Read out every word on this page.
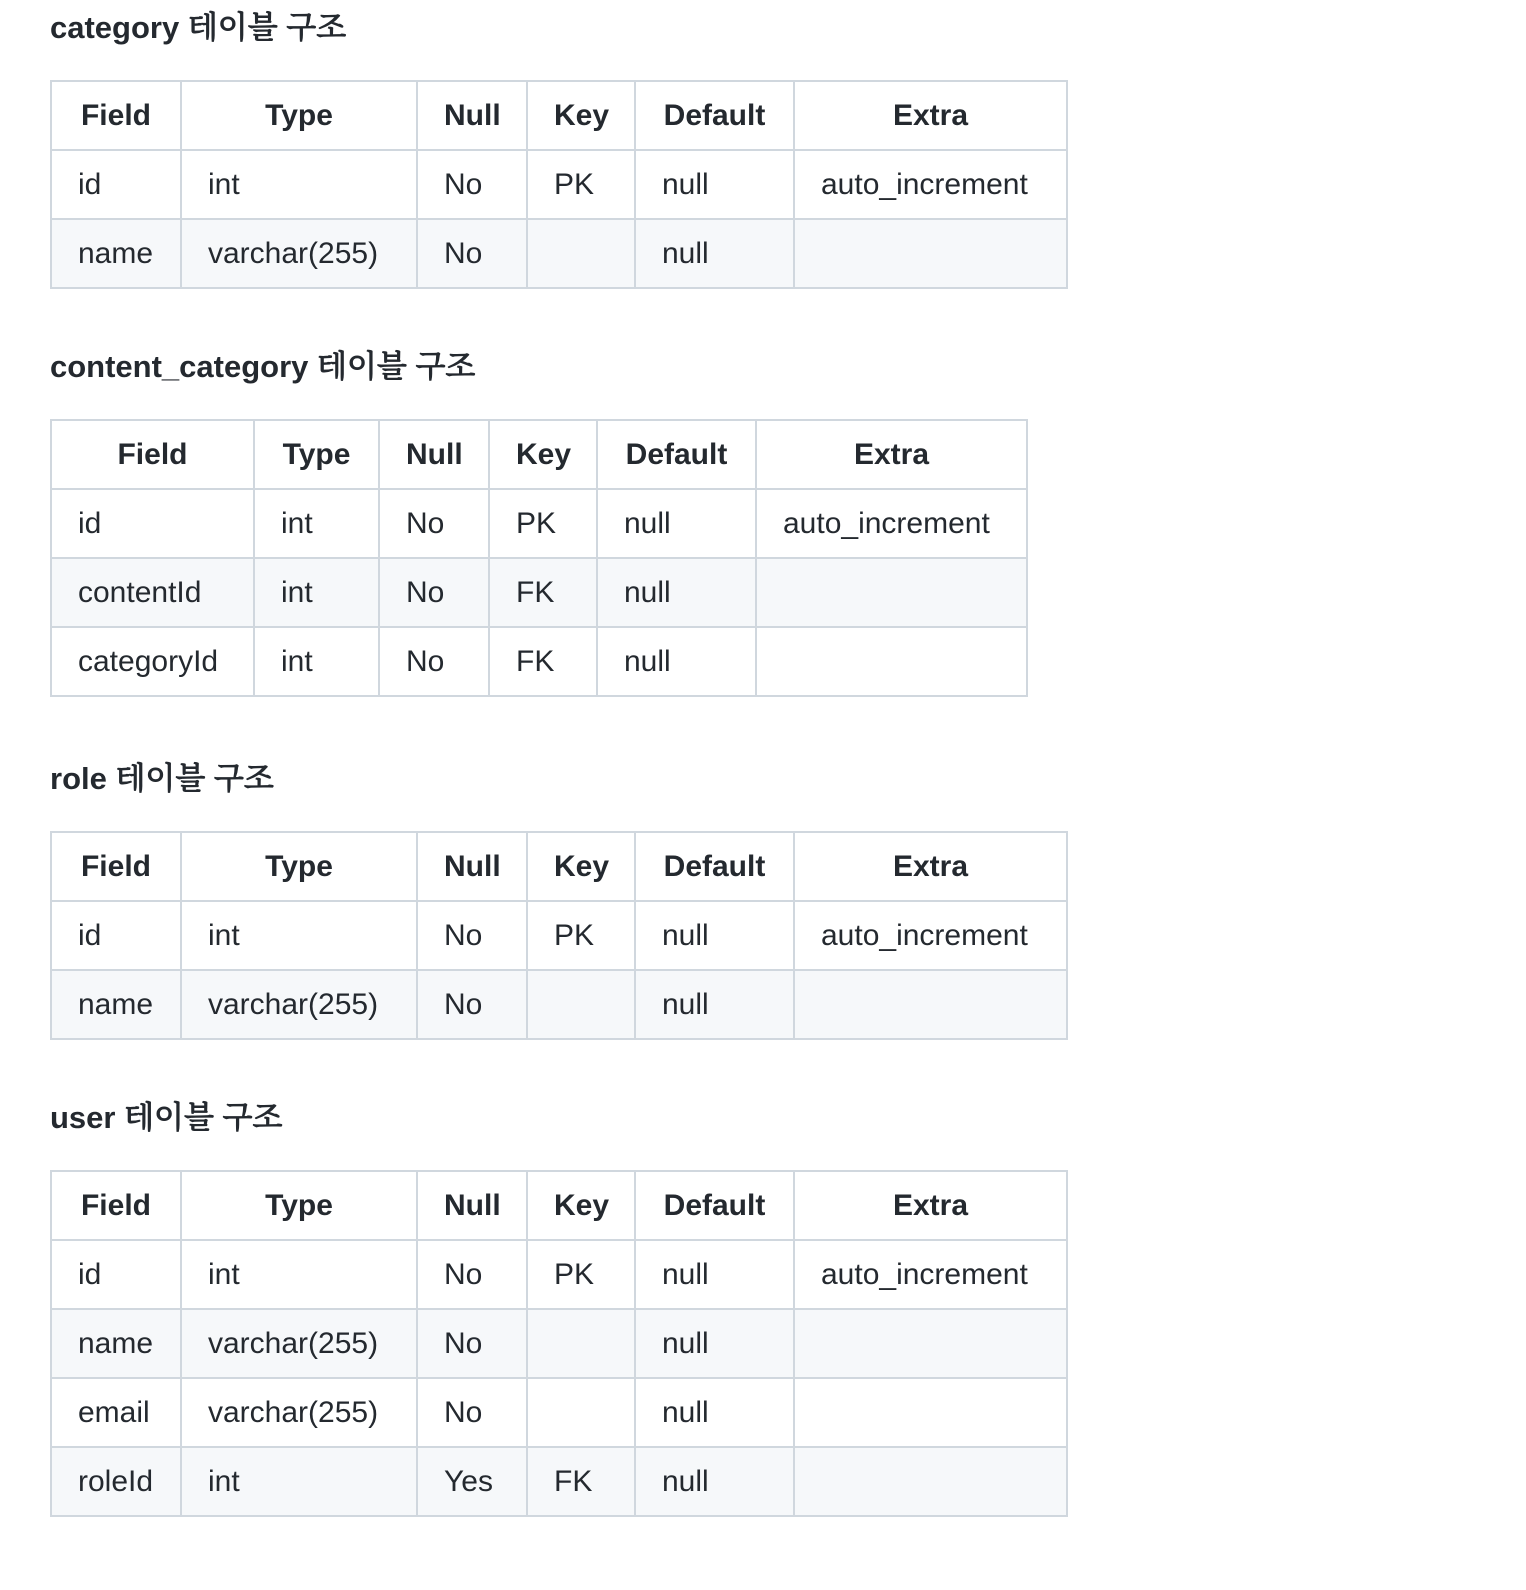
category 테이블 구조
Field	Type	Null	Key	Default	Extra
id	int	No	PK	null	auto_increment
name	varchar(255)	No		null	
content_category 테이블 구조
Field	Type	Null	Key	Default	Extra
id	int	No	PK	null	auto_increment
contentId	int	No	FK	null	
categoryId	int	No	FK	null	
role 테이블 구조
Field	Type	Null	Key	Default	Extra
id	int	No	PK	null	auto_increment
name	varchar(255)	No		null	
user 테이블 구조
Field	Type	Null	Key	Default	Extra
id	int	No	PK	null	auto_increment
name	varchar(255)	No		null	
email	varchar(255)	No		null	
roleId	int	Yes	FK	null	
